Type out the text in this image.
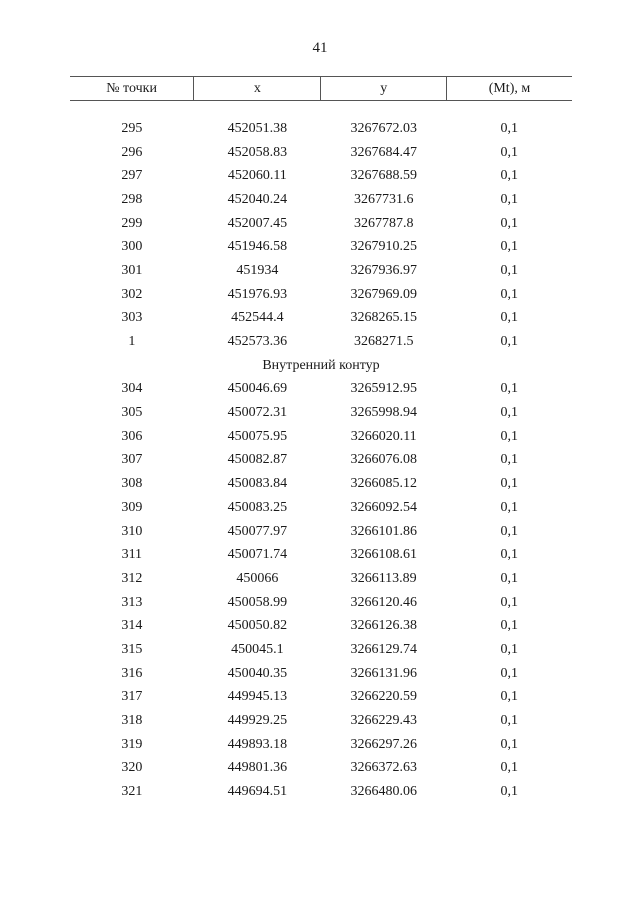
41
№ точки	x	y	(Mt), м

295	452051.38	3267672.03	0,1
296	452058.83	3267684.47	0,1
297	452060.11	3267688.59	0,1
298	452040.24	3267731.6	0,1
299	452007.45	3267787.8	0,1
300	451946.58	3267910.25	0,1
301	451934	3267936.97	0,1
302	451976.93	3267969.09	0,1
303	452544.4	3268265.15	0,1
1	452573.36	3268271.5	0,1
Внутренний контур			
304	450046.69	3265912.95	0,1
305	450072.31	3265998.94	0,1
306	450075.95	3266020.11	0,1
307	450082.87	3266076.08	0,1
308	450083.84	3266085.12	0,1
309	450083.25	3266092.54	0,1
310	450077.97	3266101.86	0,1
311	450071.74	3266108.61	0,1
312	450066	3266113.89	0,1
313	450058.99	3266120.46	0,1
314	450050.82	3266126.38	0,1
315	450045.1	3266129.74	0,1
316	450040.35	3266131.96	0,1
317	449945.13	3266220.59	0,1
318	449929.25	3266229.43	0,1
319	449893.18	3266297.26	0,1
320	449801.36	3266372.63	0,1
321	449694.51	3266480.06	0,1
